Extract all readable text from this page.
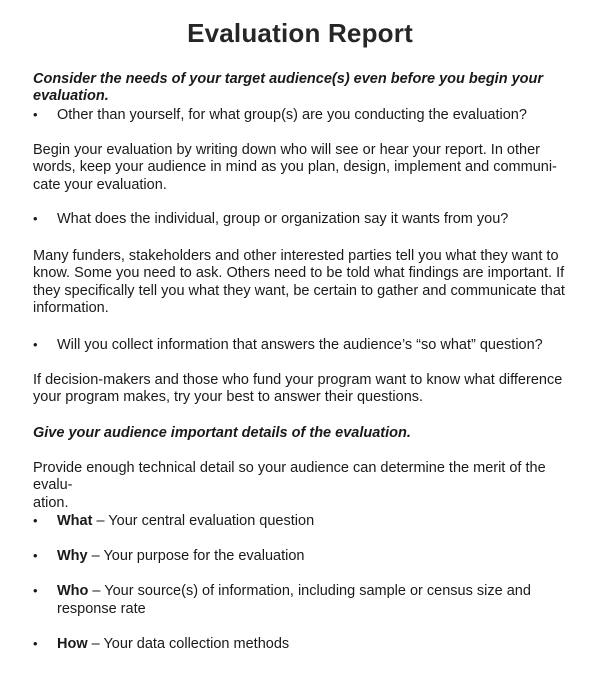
Evaluation Report
Consider the needs of your target audience(s) even before you begin your evaluation.
•	Other than yourself, for what group(s) are you conducting the evaluation?
Begin your evaluation by writing down who will see or hear your report. In other
words, keep your audience in mind as you plan, design, implement and communi-
cate your evaluation.
•	What does the individual, group or organization say it wants from you?
Many funders, stakeholders and other interested parties tell you what they want to
know. Some you need to ask. Others need to be told what findings are important. If
they specifically tell you what they want, be certain to gather and communicate that
information.
•	Will you collect information that answers the audience’s “so what” question?
If decision-makers and those who fund your program want to know what difference
your program makes, try your best to answer their questions.
Give your audience important details of the evaluation.
Provide enough technical detail so your audience can determine the merit of the evalu-
ation.
•	What – Your central evaluation question
•	Why – Your purpose for the evaluation
•	Who – Your source(s) of information, including sample or census size and
response rate
•	How – Your data collection methods
